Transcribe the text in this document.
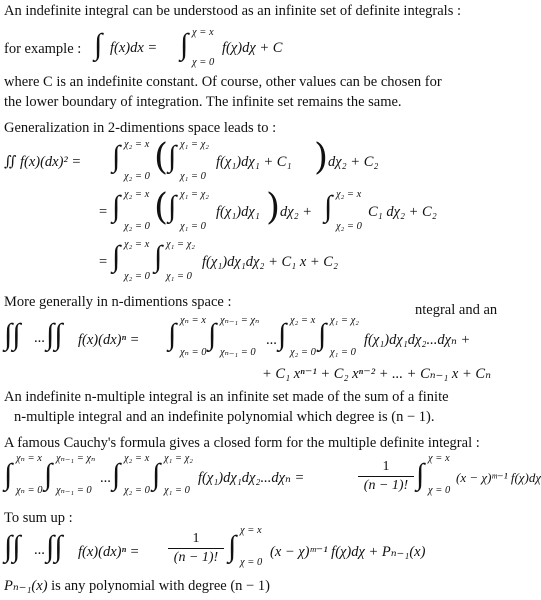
An indefinite integral can be understood as an infinite set of definite integrals :
for example : ∫ f(x)dx = ∫ χ = x
χ = 0
f(χ)dχ + C
where C is an indefinite constant. Of course, other values can be chosen for
the lower boundary of integration. The infinite set remains the same.
Generalization in 2-dimentions space leads to :
∬ f(x)(dx)² = ∫ χ₂ = x
χ₂ = 0 ( ∫ χ₁ = χ₂
χ₁ = 0
f(χ₁)dχ₁ + C₁ ) dχ₂ + C₂
= ∫ χ₂ = x
χ₂ = 0 ( ∫ χ₁ = χ₂
χ₁ = 0
f(χ₁)dχ₁ ) dχ₂ + ∫ χ₂ = x
χ₂ = 0
C₁ dχ₂ + C₂
= ∫ χ₂ = x
χ₂ = 0
∫ χ₁ = χ₂
χ₁ = 0
f(χ₁)dχ₁dχ₂ + C₁ x + C₂
More generally in n-dimentions space :	ntegral and an
∫∫ ... ∫∫ f(x)(dx)ⁿ = ∫ χₙ = x
χₙ = 0
∫ χₙ₋₁ = χₙ
χₙ₋₁ = 0
... ∫ χ₂ = x
χ₂ = 0
∫ χ₁ = χ₂
χ₁ = 0
f(χ₁)dχ₁dχ₂...dχₙ +
+ C₁ xⁿ⁻¹ + C₂ xⁿ⁻² + ... + Cₙ₋₁ x + Cₙ
An indefinite n-multiple integral is an infinite set made of the sum of a finite
n-multiple integral and an indefinite polynomial which degree is (n − 1).
A famous Cauchy's formula gives a closed form for the multiple definite integral :
∫ χₙ = x
χₙ = 0 ∫ χₙ₋₁ = χₙ
χₙ₋₁ = 0
... ∫ χ₂ = x
χ₂ = 0 ∫ χ₁ = χ₂
χ₁ = 0
f(χ₁)dχ₁dχ₂...dχₙ =
1
(n − 1)! ∫ χ = x
χ = 0
(x − χ)ᵐ⁻¹ f(χ)dχ
To sum up :
∫∫ ... ∫∫ f(x)(dx)ⁿ =
1
(n − 1)! ∫ χ = x
χ = 0
(x − χ)ᵐ⁻¹ f(χ)dχ + Pₙ₋₁(x)
Pₙ₋₁(x) is any polynomial with degree (n − 1)
